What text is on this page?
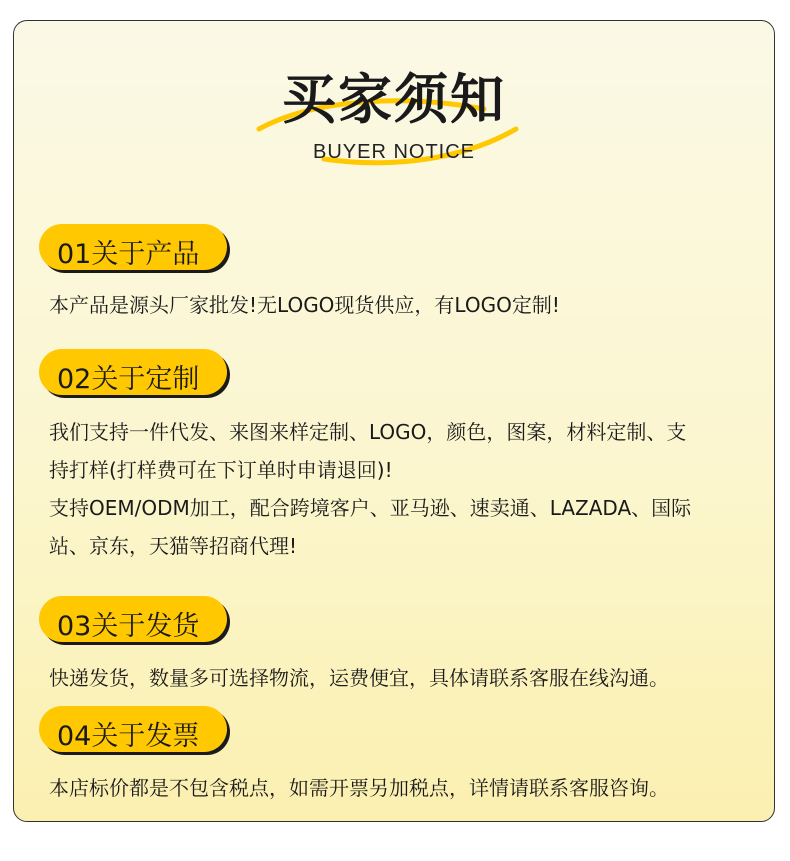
买家须知
BUYER NOTICE
01关于产品
本产品是源头厂家批发!无LOGO现货供应，有LOGO定制!
02关于定制
我们支持一件代发、来图来样定制、LOGO，颜色，图案，材料定制、支
持打样(打样费可在下订单时申请退回)!
支持OEM/ODM加工，配合跨境客户、亚马逊、速卖通、LAZADA、国际
站、京东，天猫等招商代理!
03关于发货
快递发货，数量多可选择物流，运费便宜，具体请联系客服在线沟通。
04关于发票
本店标价都是不包含税点，如需开票另加税点，详情请联系客服咨询。
